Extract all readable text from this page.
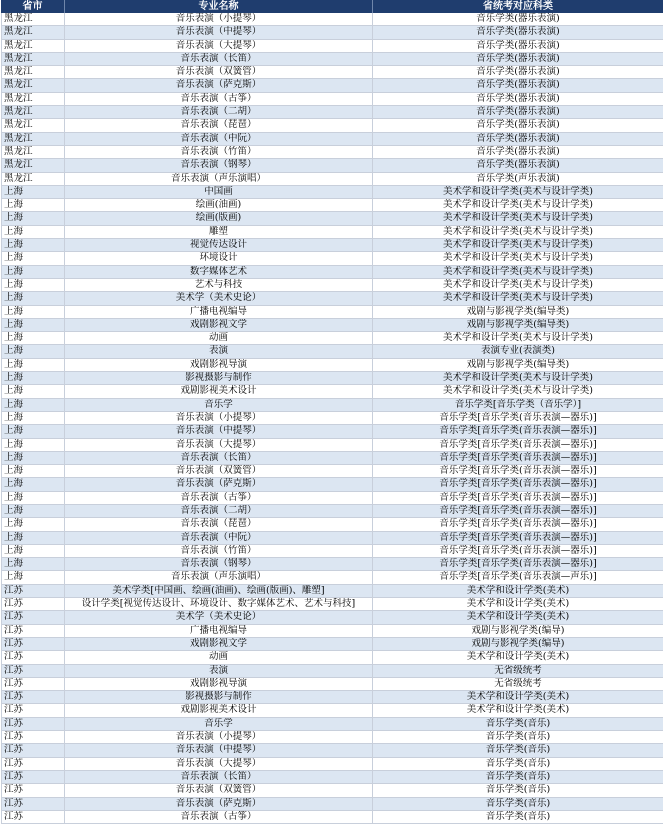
省市	专业名称	省统考对应科类
黑龙江	音乐表演（小提琴）	音乐学类(器乐表演)
黑龙江	音乐表演（中提琴）	音乐学类(器乐表演)
黑龙江	音乐表演（大提琴）	音乐学类(器乐表演)
黑龙江	音乐表演（长笛）	音乐学类(器乐表演)
黑龙江	音乐表演（双簧管）	音乐学类(器乐表演)
黑龙江	音乐表演（萨克斯）	音乐学类(器乐表演)
黑龙江	音乐表演（古筝）	音乐学类(器乐表演)
黑龙江	音乐表演（二胡）	音乐学类(器乐表演)
黑龙江	音乐表演（琵琶）	音乐学类(器乐表演)
黑龙江	音乐表演（中阮）	音乐学类(器乐表演)
黑龙江	音乐表演（竹笛）	音乐学类(器乐表演)
黑龙江	音乐表演（钢琴）	音乐学类(器乐表演)
黑龙江	音乐表演（声乐演唱）	音乐学类(声乐表演)
上海	中国画	美术学和设计学类(美术与设计学类)
上海	绘画(油画)	美术学和设计学类(美术与设计学类)
上海	绘画(版画)	美术学和设计学类(美术与设计学类)
上海	雕塑	美术学和设计学类(美术与设计学类)
上海	视觉传达设计	美术学和设计学类(美术与设计学类)
上海	环境设计	美术学和设计学类(美术与设计学类)
上海	数字媒体艺术	美术学和设计学类(美术与设计学类)
上海	艺术与科技	美术学和设计学类(美术与设计学类)
上海	美术学（美术史论）	美术学和设计学类(美术与设计学类)
上海	广播电视编导	戏剧与影视学类(编导类)
上海	戏剧影视文学	戏剧与影视学类(编导类)
上海	动画	美术学和设计学类(美术与设计学类)
上海	表演	表演专业(表演类)
上海	戏剧影视导演	戏剧与影视学类(编导类)
上海	影视摄影与制作	美术学和设计学类(美术与设计学类)
上海	戏剧影视美术设计	美术学和设计学类(美术与设计学类)
上海	音乐学	音乐学类[音乐学类（音乐学）]
上海	音乐表演（小提琴）	音乐学类[音乐学类(音乐表演—器乐)]
上海	音乐表演（中提琴）	音乐学类[音乐学类(音乐表演—器乐)]
上海	音乐表演（大提琴）	音乐学类[音乐学类(音乐表演—器乐)]
上海	音乐表演（长笛）	音乐学类[音乐学类(音乐表演—器乐)]
上海	音乐表演（双簧管）	音乐学类[音乐学类(音乐表演—器乐)]
上海	音乐表演（萨克斯）	音乐学类[音乐学类(音乐表演—器乐)]
上海	音乐表演（古筝）	音乐学类[音乐学类(音乐表演—器乐)]
上海	音乐表演（二胡）	音乐学类[音乐学类(音乐表演—器乐)]
上海	音乐表演（琵琶）	音乐学类[音乐学类(音乐表演—器乐)]
上海	音乐表演（中阮）	音乐学类[音乐学类(音乐表演—器乐)]
上海	音乐表演（竹笛）	音乐学类[音乐学类(音乐表演—器乐)]
上海	音乐表演（钢琴）	音乐学类[音乐学类(音乐表演—器乐)]
上海	音乐表演（声乐演唱）	音乐学类[音乐学类(音乐表演—声乐)]
江苏	美术学类[中国画、绘画(油画)、绘画(版画)、雕塑]	美术学和设计学类(美术)
江苏	设计学类[视觉传达设计、环境设计、数字媒体艺术、艺术与科技]	美术学和设计学类(美术)
江苏	美术学（美术史论）	美术学和设计学类(美术)
江苏	广播电视编导	戏剧与影视学类(编导)
江苏	戏剧影视文学	戏剧与影视学类(编导)
江苏	动画	美术学和设计学类(美术)
江苏	表演	无省级统考
江苏	戏剧影视导演	无省级统考
江苏	影视摄影与制作	美术学和设计学类(美术)
江苏	戏剧影视美术设计	美术学和设计学类(美术)
江苏	音乐学	音乐学类(音乐)
江苏	音乐表演（小提琴）	音乐学类(音乐)
江苏	音乐表演（中提琴）	音乐学类(音乐)
江苏	音乐表演（大提琴）	音乐学类(音乐)
江苏	音乐表演（长笛）	音乐学类(音乐)
江苏	音乐表演（双簧管）	音乐学类(音乐)
江苏	音乐表演（萨克斯）	音乐学类(音乐)
江苏	音乐表演（古筝）	音乐学类(音乐)
